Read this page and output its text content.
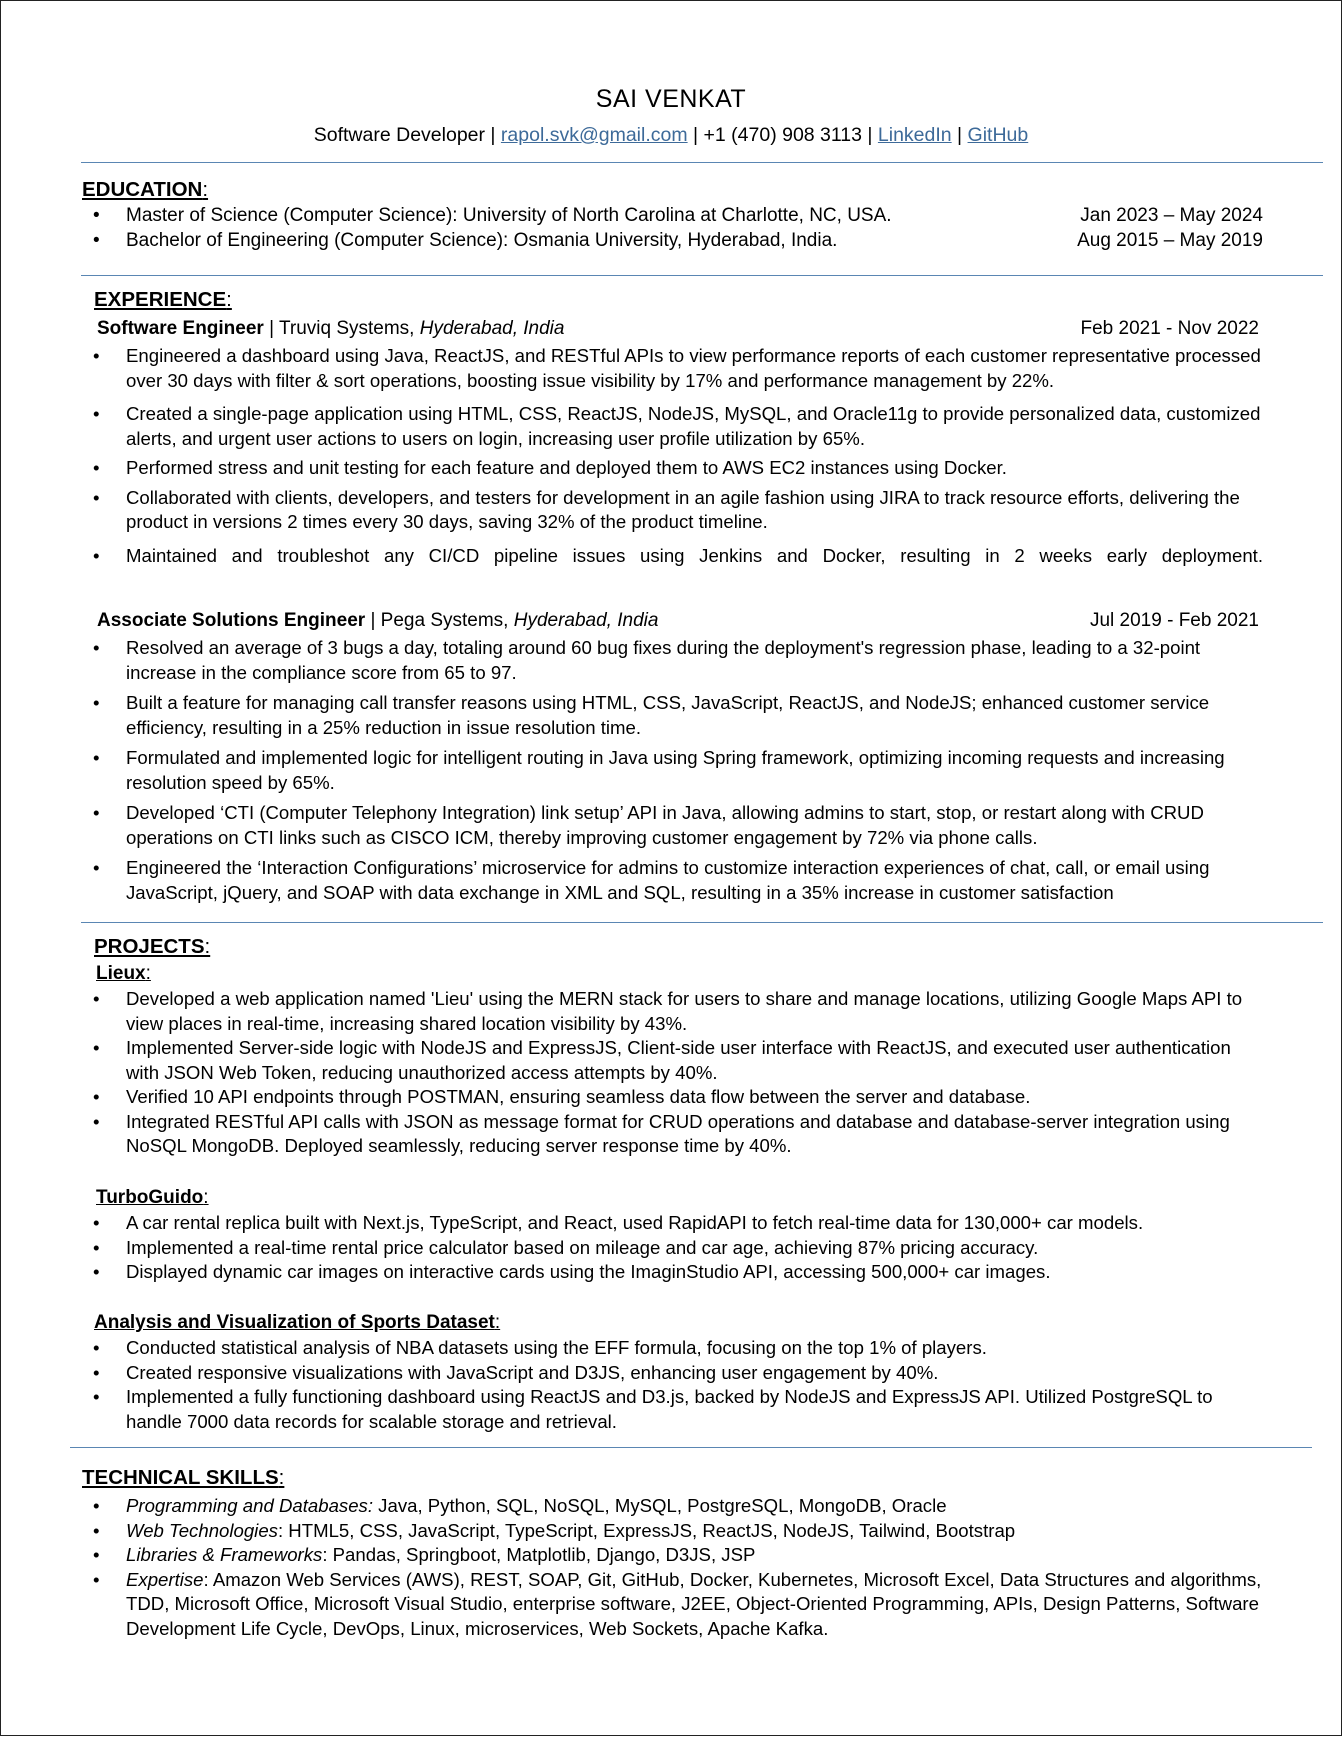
SAI VENKAT
Software Developer | rapol.svk@gmail.com | +1 (470) 908 3113 | LinkedIn | GitHub
EDUCATION:
• Master of Science (Computer Science): University of North Carolina at Charlotte, NC, USA.	Jan 2023 – May 2024
• Bachelor of Engineering (Computer Science): Osmania University, Hyderabad, India.	Aug 2015 – May 2019
EXPERIENCE:
Software Engineer | Truviq Systems, Hyderabad, India	Feb 2021 - Nov 2022
• Engineered a dashboard using Java, ReactJS, and RESTful APIs to view performance reports of each customer representative processed over 30 days with filter & sort operations, boosting issue visibility by 17% and performance management by 22%.
• Created a single-page application using HTML, CSS, ReactJS, NodeJS, MySQL, and Oracle11g to provide personalized data, customized alerts, and urgent user actions to users on login, increasing user profile utilization by 65%.
• Performed stress and unit testing for each feature and deployed them to AWS EC2 instances using Docker.
• Collaborated with clients, developers, and testers for development in an agile fashion using JIRA to track resource efforts, delivering the product in versions 2 times every 30 days, saving 32% of the product timeline.
• Maintained and troubleshot any CI/CD pipeline issues using Jenkins and Docker, resulting in 2 weeks early deployment.
Associate Solutions Engineer | Pega Systems, Hyderabad, India	Jul 2019 - Feb 2021
• Resolved an average of 3 bugs a day, totaling around 60 bug fixes during the deployment's regression phase, leading to a 32-point increase in the compliance score from 65 to 97.
• Built a feature for managing call transfer reasons using HTML, CSS, JavaScript, ReactJS, and NodeJS; enhanced customer service efficiency, resulting in a 25% reduction in issue resolution time.
• Formulated and implemented logic for intelligent routing in Java using Spring framework, optimizing incoming requests and increasing resolution speed by 65%.
• Developed ‘CTI (Computer Telephony Integration) link setup’ API in Java, allowing admins to start, stop, or restart along with CRUD operations on CTI links such as CISCO ICM, thereby improving customer engagement by 72% via phone calls.
• Engineered the ‘Interaction Configurations’ microservice for admins to customize interaction experiences of chat, call, or email using JavaScript, jQuery, and SOAP with data exchange in XML and SQL, resulting in a 35% increase in customer satisfaction
PROJECTS:
Lieux:
• Developed a web application named 'Lieu' using the MERN stack for users to share and manage locations, utilizing Google Maps API to view places in real-time, increasing shared location visibility by 43%.
• Implemented Server-side logic with NodeJS and ExpressJS, Client-side user interface with ReactJS, and executed user authentication with JSON Web Token, reducing unauthorized access attempts by 40%.
• Verified 10 API endpoints through POSTMAN, ensuring seamless data flow between the server and database.
• Integrated RESTful API calls with JSON as message format for CRUD operations and database and database-server integration using NoSQL MongoDB. Deployed seamlessly, reducing server response time by 40%.
TurboGuido:
• A car rental replica built with Next.js, TypeScript, and React, used RapidAPI to fetch real-time data for 130,000+ car models.
• Implemented a real-time rental price calculator based on mileage and car age, achieving 87% pricing accuracy.
• Displayed dynamic car images on interactive cards using the ImaginStudio API, accessing 500,000+ car images.
Analysis and Visualization of Sports Dataset:
• Conducted statistical analysis of NBA datasets using the EFF formula, focusing on the top 1% of players.
• Created responsive visualizations with JavaScript and D3JS, enhancing user engagement by 40%.
• Implemented a fully functioning dashboard using ReactJS and D3.js, backed by NodeJS and ExpressJS API. Utilized PostgreSQL to handle 7000 data records for scalable storage and retrieval.
TECHNICAL SKILLS:
• Programming and Databases: Java, Python, SQL, NoSQL, MySQL, PostgreSQL, MongoDB, Oracle
• Web Technologies: HTML5, CSS, JavaScript, TypeScript, ExpressJS, ReactJS, NodeJS, Tailwind, Bootstrap
• Libraries & Frameworks: Pandas, Springboot, Matplotlib, Django, D3JS, JSP
• Expertise: Amazon Web Services (AWS), REST, SOAP, Git, GitHub, Docker, Kubernetes, Microsoft Excel, Data Structures and algorithms, TDD, Microsoft Office, Microsoft Visual Studio, enterprise software, J2EE, Object-Oriented Programming, APIs, Design Patterns, Software Development Life Cycle, DevOps, Linux, microservices, Web Sockets, Apache Kafka.
